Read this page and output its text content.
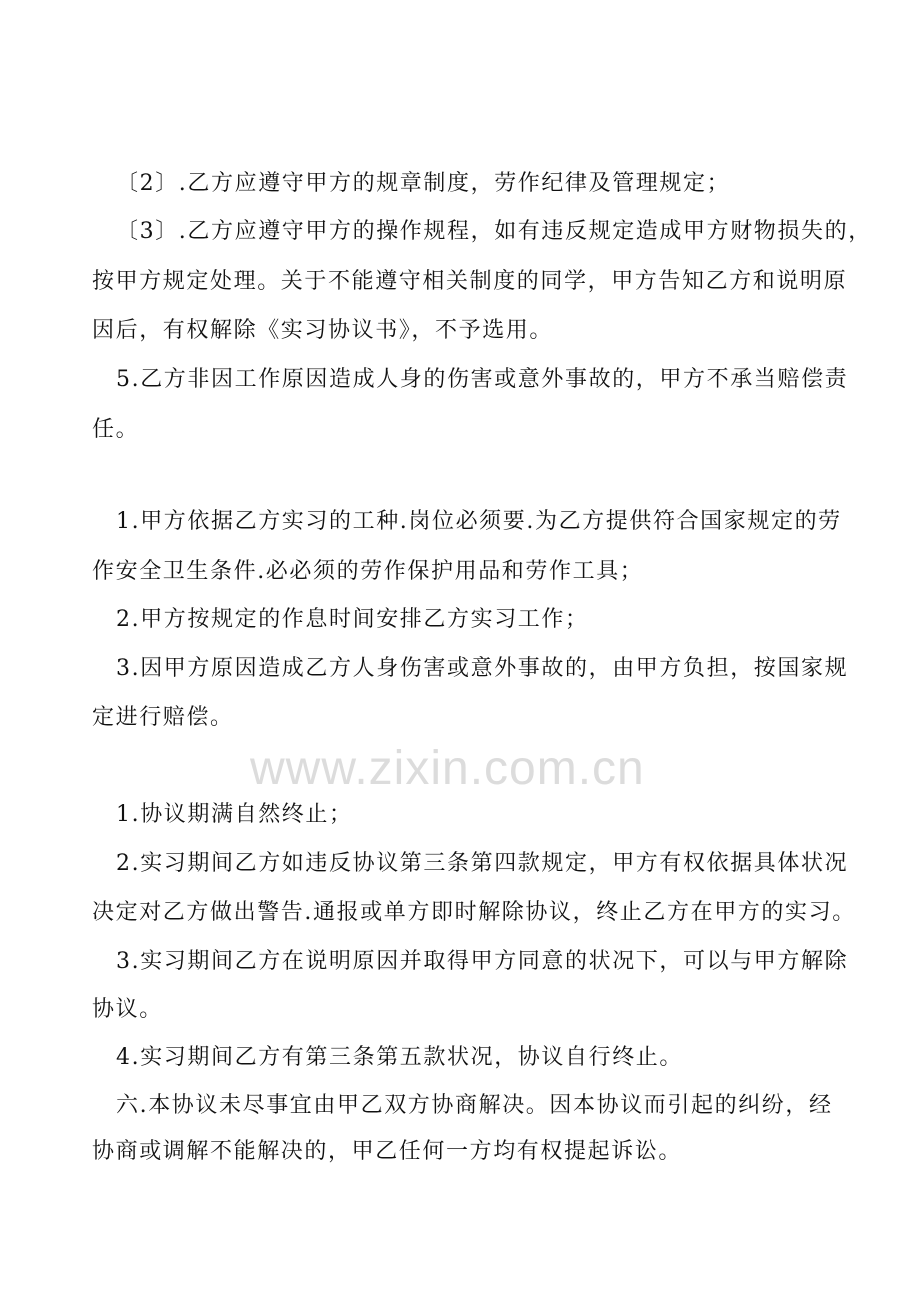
www.zixin.com.cn
〔2〕.乙方应遵守甲方的规章制度，劳作纪律及管理规定；
〔3〕.乙方应遵守甲方的操作规程，如有违反规定造成甲方财物损失的，
按甲方规定处理。关于不能遵守相关制度的同学，甲方告知乙方和说明原
因后，有权解除《实习协议书》，不予选用。
5.乙方非因工作原因造成人身的伤害或意外事故的，甲方不承当赔偿责
任。
1.甲方依据乙方实习的工种.岗位必须要.为乙方提供符合国家规定的劳
作安全卫生条件.必必须的劳作保护用品和劳作工具；
2.甲方按规定的作息时间安排乙方实习工作；
3.因甲方原因造成乙方人身伤害或意外事故的，由甲方负担，按国家规
定进行赔偿。
1.协议期满自然终止；
2.实习期间乙方如违反协议第三条第四款规定，甲方有权依据具体状况
决定对乙方做出警告.通报或单方即时解除协议，终止乙方在甲方的实习。
3.实习期间乙方在说明原因并取得甲方同意的状况下，可以与甲方解除
协议。
4.实习期间乙方有第三条第五款状况，协议自行终止。
六.本协议未尽事宜由甲乙双方协商解决。因本协议而引起的纠纷，经
协商或调解不能解决的，甲乙任何一方均有权提起诉讼。
